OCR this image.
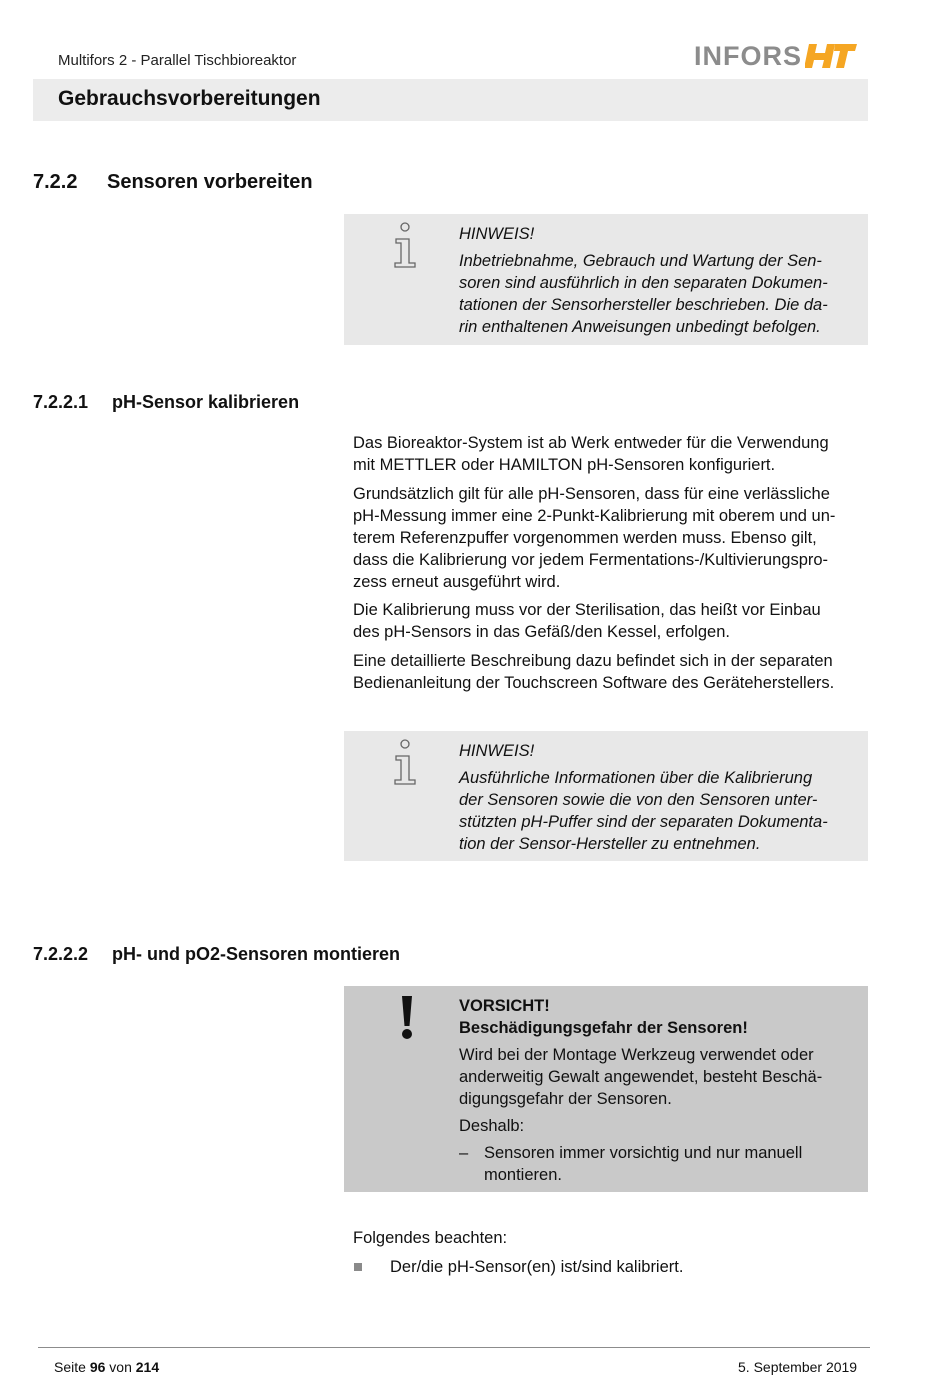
Multifors 2 - Parallel Tischbioreaktor	INFORS
Gebrauchsvorbereitungen
7.2.2 Sensoren vorbereiten

HINWEIS!

Inbetriebnahme, Gebrauch und Wartung der Sen-
soren sind ausführlich in den separaten Dokumen-
tationen der Sensorhersteller beschrieben. Die da-
rin enthaltenen Anweisungen unbedingt befolgen.
7.2.2.1 pH-Sensor kalibrieren

Das Bioreaktor-System ist ab Werk entweder für die Verwendung
mit METTLER oder HAMILTON pH-Sensoren konfiguriert.

Grundsätzlich gilt für alle pH-Sensoren, dass für eine verlässliche
pH-Messung immer eine 2-Punkt-Kalibrierung mit oberem und un-
terem Referenzpuffer vorgenommen werden muss. Ebenso gilt,
dass die Kalibrierung vor jedem Fermentations-/Kultivierungspro-
zess erneut ausgeführt wird.

Die Kalibrierung muss vor der Sterilisation, das heißt vor Einbau
des pH-Sensors in das Gefäß/den Kessel, erfolgen.

Eine detaillierte Beschreibung dazu befindet sich in der separaten
Bedienanleitung der Touchscreen Software des Geräteherstellers.

HINWEIS!

Ausführliche Informationen über die Kalibrierung
der Sensoren sowie die von den Sensoren unter-
stützten pH-Puffer sind der separaten Dokumenta-
tion der Sensor-Hersteller zu entnehmen.
7.2.2.2 pH- und pO2-Sensoren montieren
VORSICHT!

Beschädigungsgefahr der Sensoren!

Wird bei der Montage Werkzeug verwendet oder
anderweitig Gewalt angewendet, besteht Beschä-
digungsgefahr der Sensoren.

Deshalb:

– Sensoren immer vorsichtig und nur manuell
montieren.

Folgendes beachten:

Der/die pH-Sensor(en) ist/sind kalibriert.
Seite 96 von 214	5. September 2019
